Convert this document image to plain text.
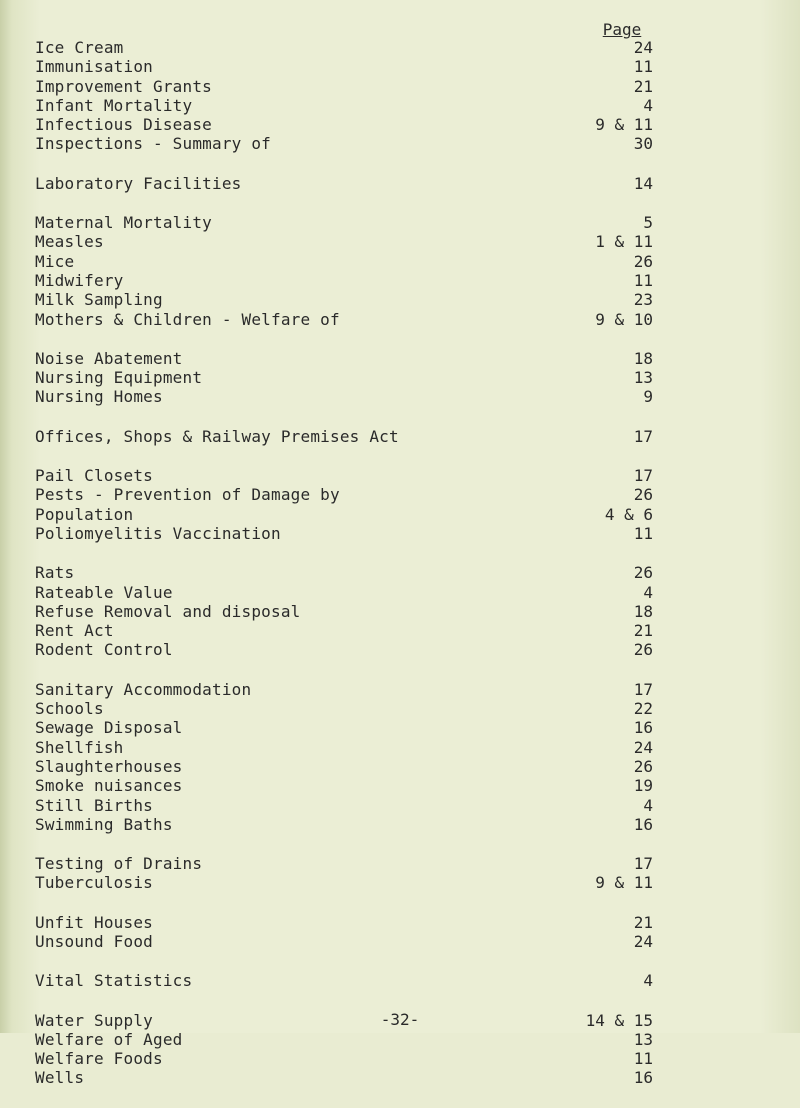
Page
Ice Cream	24
Immunisation	11
Improvement Grants	21
Infant Mortality	4
Infectious Disease	9 & 11
Inspections - Summary of	30
Laboratory Facilities	14
Maternal Mortality	5
Measles	1 & 11
Mice	26
Midwifery	11
Milk Sampling	23
Mothers & Children - Welfare of	9 & 10
Noise Abatement	18
Nursing Equipment	13
Nursing Homes	9
Offices, Shops & Railway Premises Act	17
Pail Closets	17
Pests - Prevention of Damage by	26
Population	4 & 6
Poliomyelitis Vaccination	11
Rats	26
Rateable Value	4
Refuse Removal and disposal	18
Rent Act	21
Rodent Control	26
Sanitary Accommodation	17
Schools	22
Sewage Disposal	16
Shellfish	24
Slaughterhouses	26
Smoke nuisances	19
Still Births	4
Swimming Baths	16
Testing of Drains	17
Tuberculosis	9 & 11
Unfit Houses	21
Unsound Food	24
Vital Statistics	4
Water Supply	14 & 15
Welfare of Aged	13
Welfare Foods	11
Wells	16
-32-
